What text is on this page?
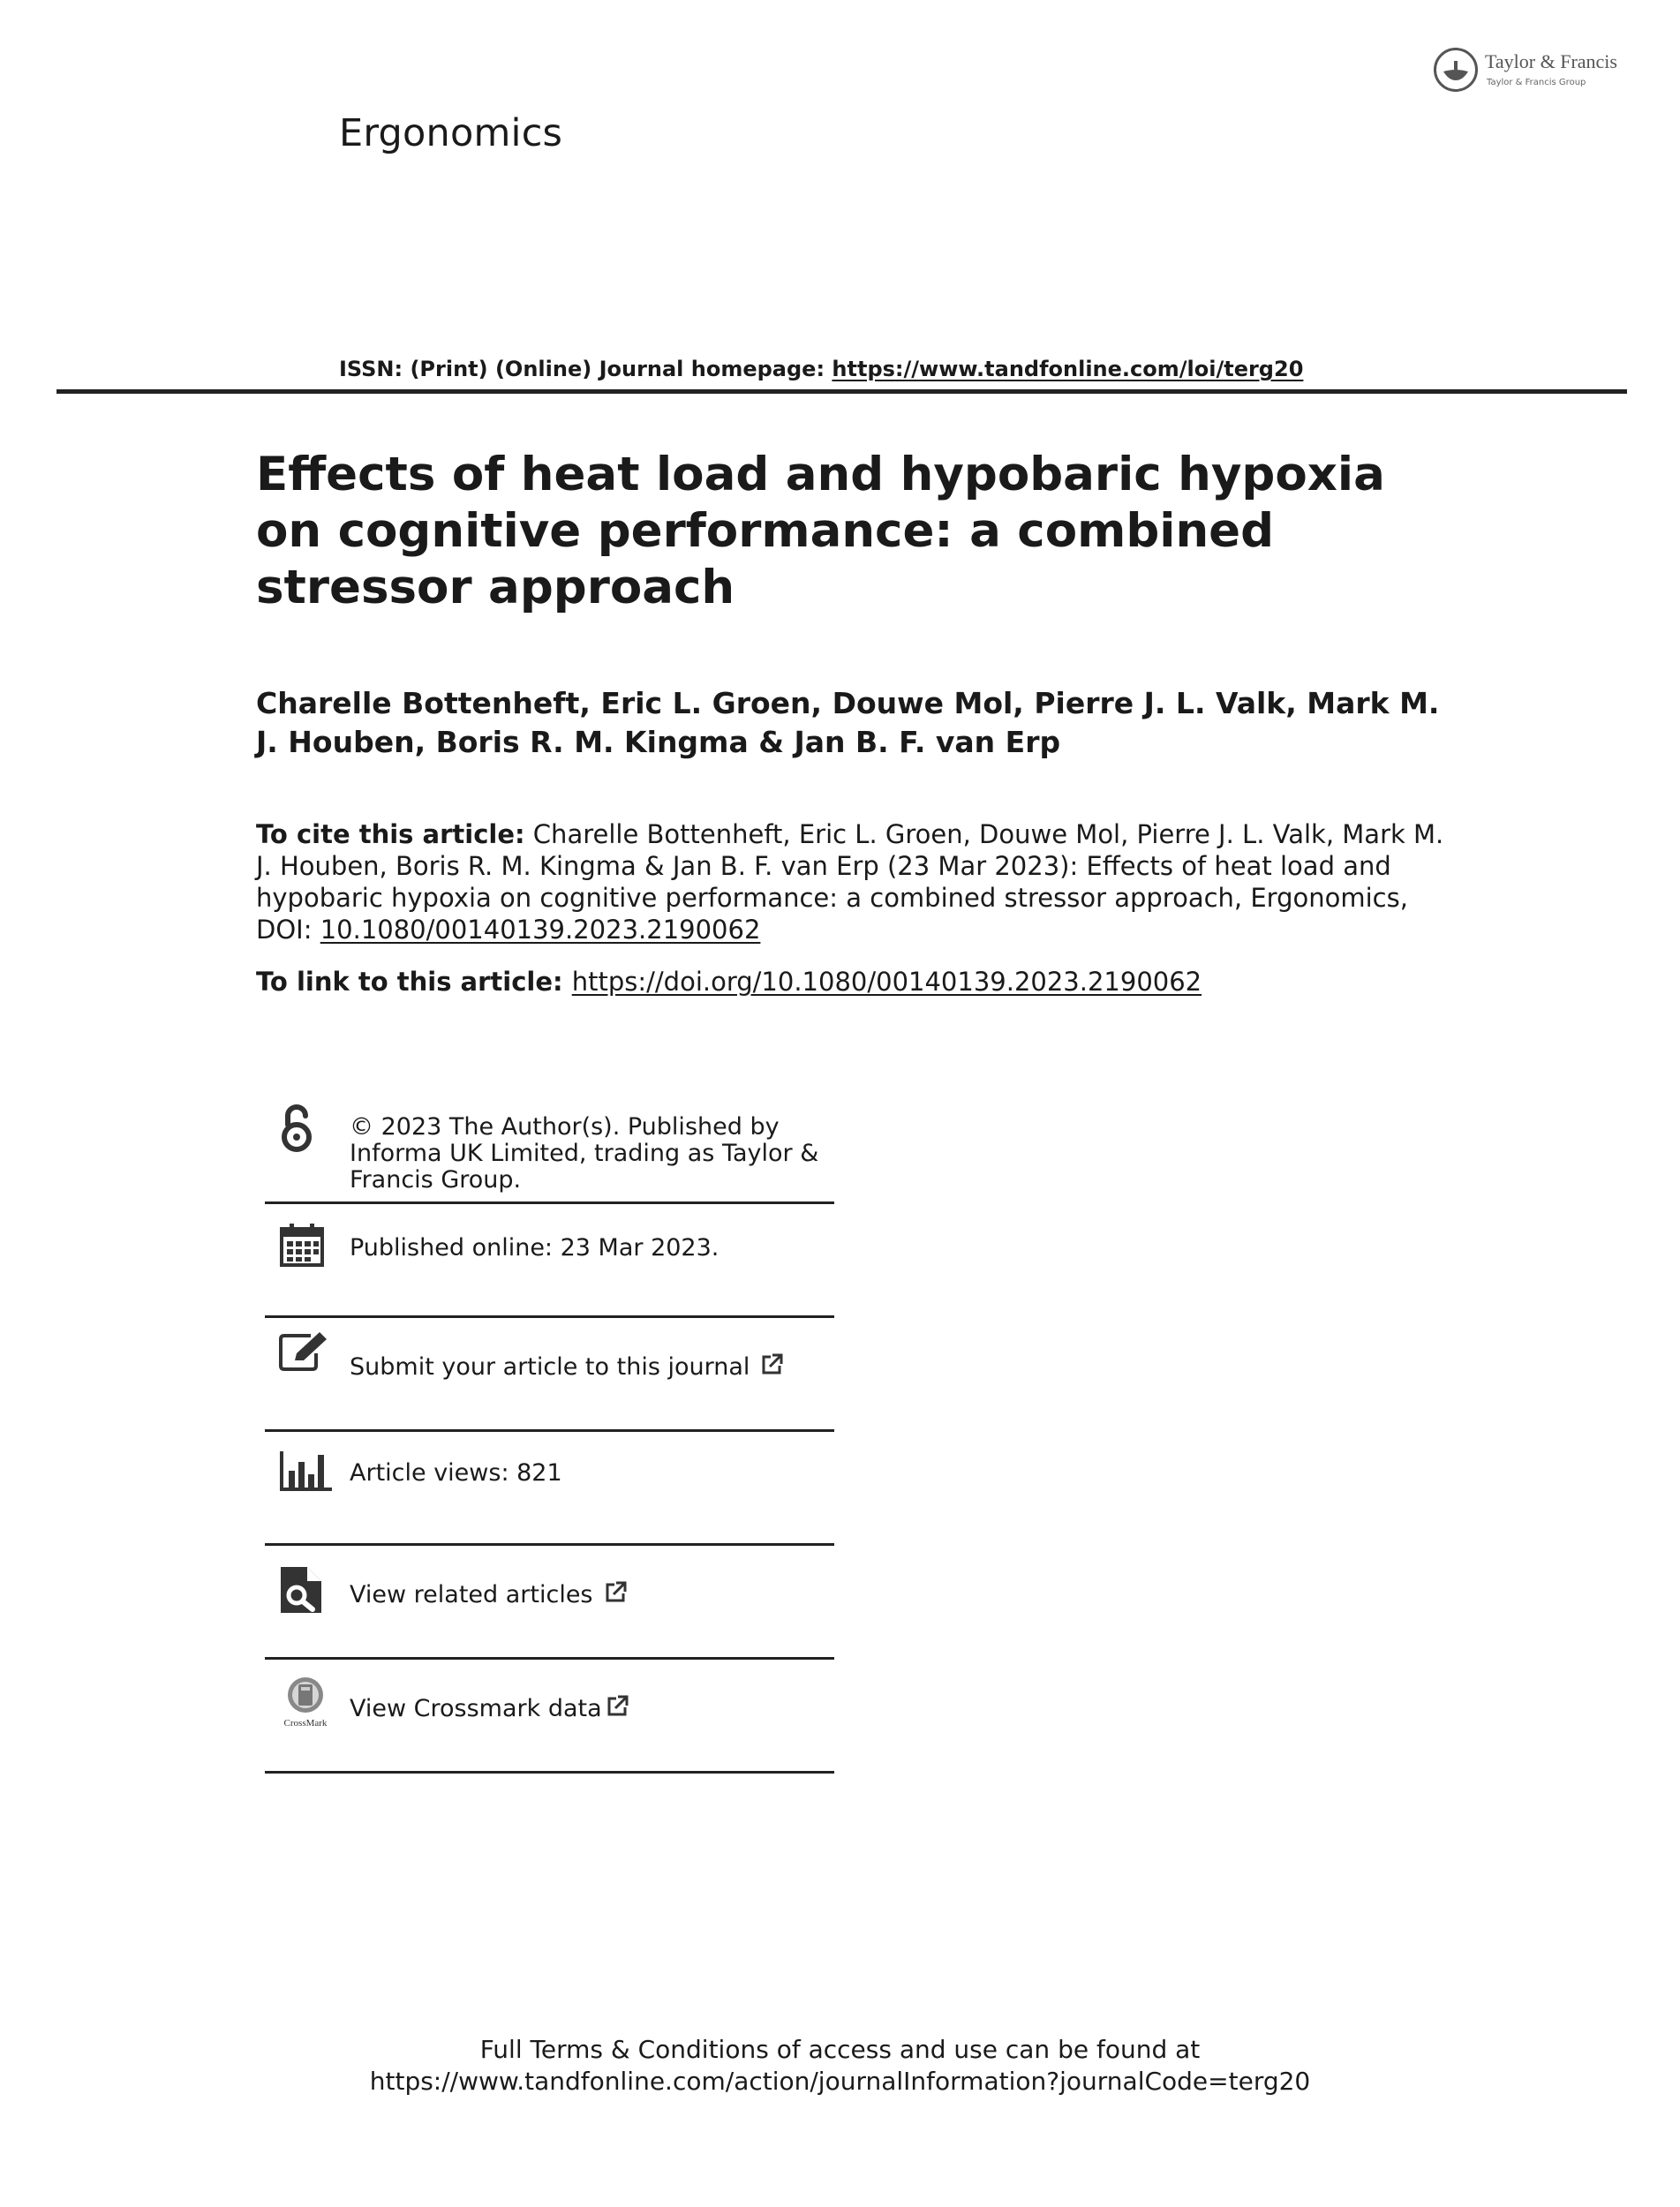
Taylor & Francis
Taylor & Francis Group
Ergonomics
ISSN: (Print) (Online) Journal homepage: https://www.tandfonline.com/loi/terg20
Effects of heat load and hypobaric hypoxia on cognitive performance: a combined stressor approach
Charelle Bottenheft, Eric L. Groen, Douwe Mol, Pierre J. L. Valk, Mark M. J. Houben, Boris R. M. Kingma & Jan B. F. van Erp
To cite this article: Charelle Bottenheft, Eric L. Groen, Douwe Mol, Pierre J. L. Valk, Mark M. J. Houben, Boris R. M. Kingma & Jan B. F. van Erp (23 Mar 2023): Effects of heat load and hypobaric hypoxia on cognitive performance: a combined stressor approach, Ergonomics, DOI: 10.1080/00140139.2023.2190062
To link to this article: https://doi.org/10.1080/00140139.2023.2190062
© 2023 The Author(s). Published by Informa UK Limited, trading as Taylor & Francis Group.
Published online: 23 Mar 2023.
Submit your article to this journal
Article views: 821
View related articles
CrossMark
View Crossmark data
Full Terms & Conditions of access and use can be found at
https://www.tandfonline.com/action/journalInformation?journalCode=terg20
